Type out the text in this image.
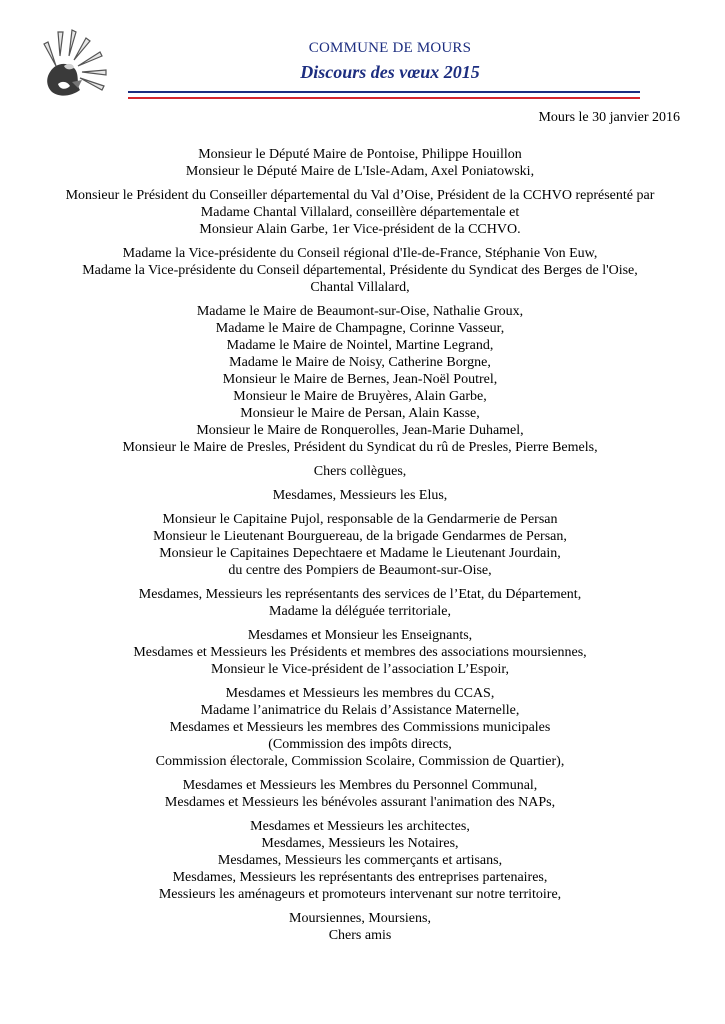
COMMUNE DE MOURS
Discours des vœux 2015
Mours le 30 janvier 2016
Monsieur le Député Maire de Pontoise, Philippe Houillon
Monsieur le Député Maire de L'Isle-Adam, Axel Poniatowski,
Monsieur le Président du Conseiller départemental du Val d’Oise, Président de la CCHVO représenté par
Madame Chantal Villalard, conseillère départementale et
Monsieur Alain Garbe, 1er Vice-président de la CCHVO.
Madame la Vice-présidente du Conseil régional d'Ile-de-France, Stéphanie Von Euw,
Madame la Vice-présidente du Conseil départemental, Présidente du Syndicat des Berges de l'Oise,
Chantal Villalard,
Madame le Maire de Beaumont-sur-Oise, Nathalie Groux,
Madame le Maire de Champagne, Corinne Vasseur,
Madame le Maire de Nointel, Martine Legrand,
Madame le Maire de Noisy, Catherine Borgne,
Monsieur le Maire de Bernes, Jean-Noël Poutrel,
Monsieur le Maire de Bruyères, Alain Garbe,
Monsieur le Maire de Persan, Alain Kasse,
Monsieur le Maire de Ronquerolles, Jean-Marie Duhamel,
Monsieur le Maire de Presles, Président du Syndicat du rû de Presles, Pierre Bemels,
Chers collègues,
Mesdames, Messieurs les Elus,
Monsieur le Capitaine Pujol, responsable de la Gendarmerie de Persan
Monsieur le Lieutenant Bourguereau, de la brigade Gendarmes de Persan,
Monsieur le Capitaines Depechtaere et Madame le Lieutenant Jourdain,
du centre des Pompiers de Beaumont-sur-Oise,
Mesdames, Messieurs les représentants des services de l’Etat, du Département,
Madame la déléguée territoriale,
Mesdames et Monsieur les Enseignants,
Mesdames et Messieurs les Présidents et membres des associations moursiennes,
Monsieur le Vice-président de l’association L’Espoir,
Mesdames et Messieurs les membres du CCAS,
Madame l’animatrice du Relais d’Assistance Maternelle,
Mesdames et Messieurs les membres des Commissions municipales
(Commission des impôts directs,
Commission électorale, Commission Scolaire, Commission de Quartier),
Mesdames et Messieurs les Membres du Personnel Communal,
Mesdames et Messieurs les bénévoles assurant l'animation des NAPs,
Mesdames et Messieurs les architectes,
Mesdames, Messieurs les Notaires,
Mesdames, Messieurs les commerçants et artisans,
Mesdames, Messieurs les représentants des entreprises partenaires,
Messieurs les aménageurs et promoteurs intervenant sur notre territoire,
Moursiennes, Moursiens,
Chers amis
